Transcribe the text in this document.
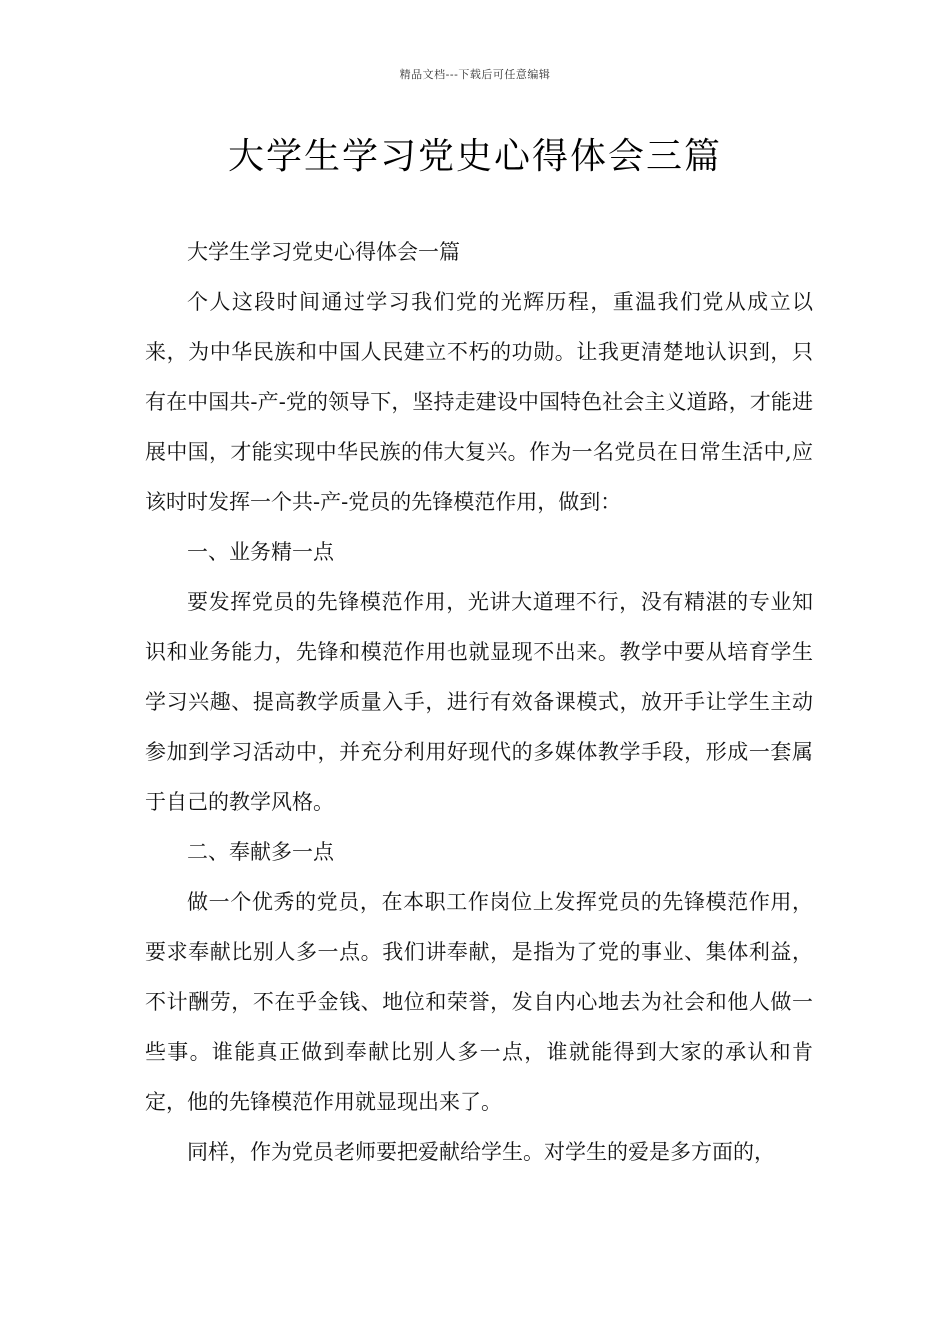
精品文档---下载后可任意编辑
大学生学习党史心得体会三篇

大学生学习党史心得体会一篇

个人这段时间通过学习我们党的光辉历程，重温我们党从成立以来，为中华民族和中国人民建立不朽的功勋。让我更清楚地认识到，只有在中国共-产-党的领导下，坚持走建设中国特色社会主义道路，才能进展中国，才能实现中华民族的伟大复兴。作为一名党员在日常生活中,应该时时发挥一个共-产-党员的先锋模范作用，做到：

一、业务精一点

要发挥党员的先锋模范作用，光讲大道理不行，没有精湛的专业知识和业务能力，先锋和模范作用也就显现不出来。教学中要从培育学生学习兴趣、提高教学质量入手，进行有效备课模式，放开手让学生主动参加到学习活动中，并充分利用好现代的多媒体教学手段，形成一套属于自己的教学风格。

二、奉献多一点

做一个优秀的党员，在本职工作岗位上发挥党员的先锋模范作用，要求奉献比别人多一点。我们讲奉献，是指为了党的事业、集体利益，不计酬劳，不在乎金钱、地位和荣誉，发自内心地去为社会和他人做一些事。谁能真正做到奉献比别人多一点，谁就能得到大家的承认和肯定，他的先锋模范作用就显现出来了。

同样，作为党员老师要把爱献给学生。对学生的爱是多方面的，
